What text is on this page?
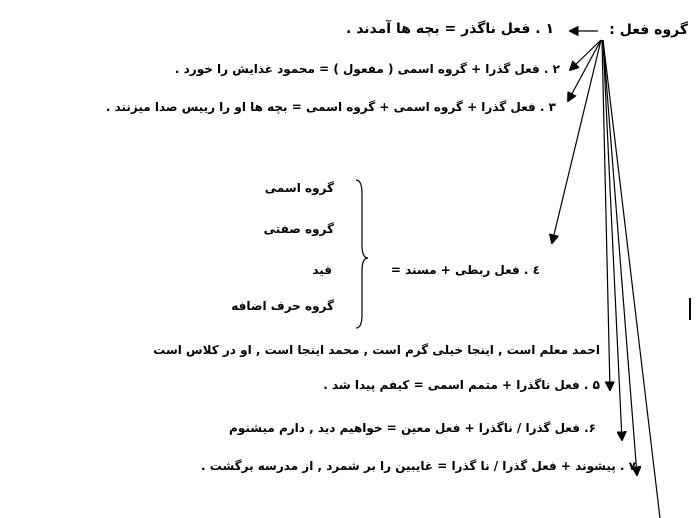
گروه فعل :
۱ . فعل ناگذر = بچه ها آمدند .
۲ . فعل گذرا + گروه اسمی ( مفعول ) = محمود غذایش را خورد .
۳ . فعل گذرا + گروه اسمی + گروه اسمی = بچه ها او را رییس صدا میزنند .
گروه اسمی
گروه صفتی
قید
گروه حرف اضافه
٤ . فعل ربطی + مسند =
احمد معلم است , اینجا خیلی گرم است , محمد اینجا است , او در کلاس است
۵ . فعل ناگذرا + متمم اسمی = کیفم پیدا شد .
۶. فعل گذرا / ناگذرا + فعل معین = خواهیم دید , دارم میشنوم
۷ . پیشوند + فعل گذرا / نا گذرا = غایبین را بر شمرد , از مدرسه برگشت .
